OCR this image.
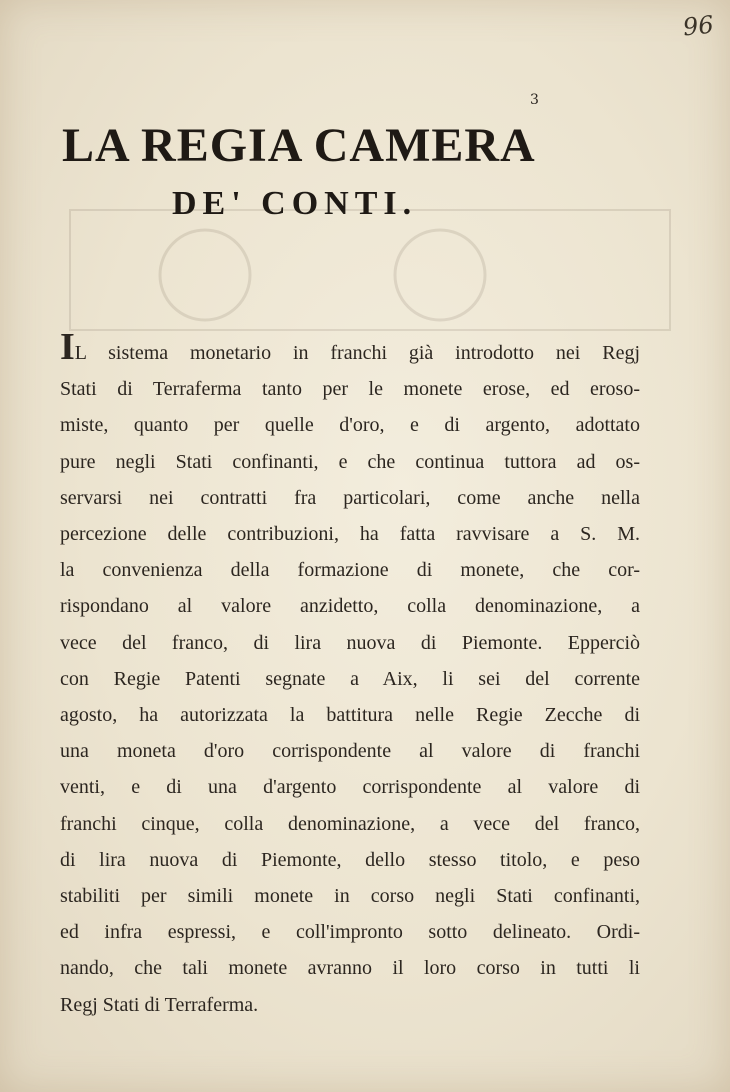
96
3
LA REGIA CAMERA
DE' CONTI.
IL sistema monetario in franchi già introdotto nei Regj
Stati di Terraferma tanto per le monete erose, ed eroso-
miste, quanto per quelle d'oro, e di argento, adottato
pure negli Stati confinanti, e che continua tuttora ad os-
servarsi nei contratti fra particolari, come anche nella
percezione delle contribuzioni, ha fatta ravvisare a S. M.
la convenienza della formazione di monete, che cor-
rispondano al valore anzidetto, colla denominazione, a
vece del franco, di lira nuova di Piemonte. Epperciò
con Regie Patenti segnate a Aix, li sei del corrente
agosto, ha autorizzata la battitura nelle Regie Zecche di
una moneta d'oro corrispondente al valore di franchi
venti, e di una d'argento corrispondente al valore di
franchi cinque, colla denominazione, a vece del franco,
di lira nuova di Piemonte, dello stesso titolo, e peso
stabiliti per simili monete in corso negli Stati confinanti,
ed infra espressi, e coll'impronto sotto delineato. Ordi-
nando, che tali monete avranno il loro corso in tutti li
Regj Stati di Terraferma.
